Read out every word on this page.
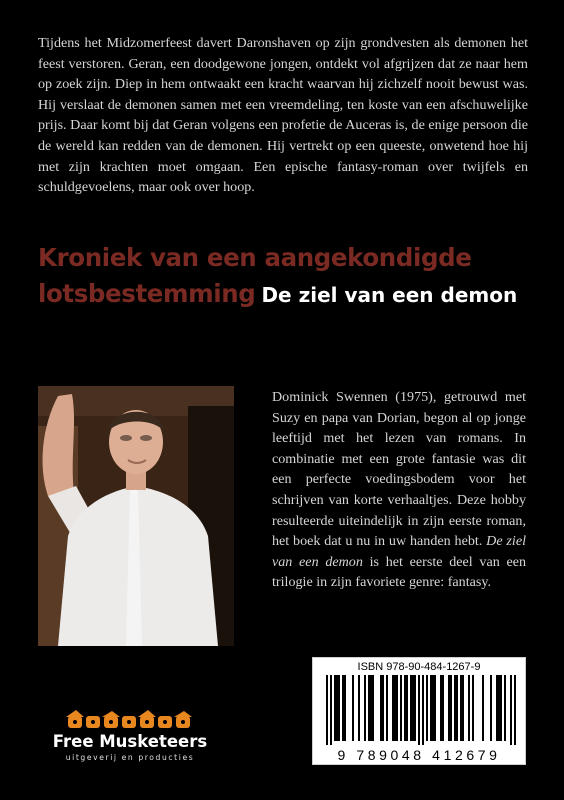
Tijdens het Midzomerfeest davert Daronshaven op zijn grondvesten als demonen het feest verstoren. Geran, een doodgewone jongen, ontdekt vol afgrijzen dat ze naar hem op zoek zijn. Diep in hem ontwaakt een kracht waarvan hij zichzelf nooit bewust was. Hij verslaat de demonen samen met een vreemdeling, ten koste van een afschuwelijke prijs. Daar komt bij dat Geran volgens een profetie de Auceras is, de enige persoon die de wereld kan redden van de demonen. Hij vertrekt op een queeste, onwetend hoe hij met zijn krachten moet omgaan. Een epische fantasy-roman over twijfels en schuldgevoelens, maar ook over hoop.

Kroniek van een aangekondigde lotsbestemming De ziel van een demon

Dominick Swennen (1975), getrouwd met Suzy en papa van Dorian, begon al op jonge leeftijd met het lezen van romans. In combinatie met een grote fantasie was dit een perfecte voedingsbodem voor het schrijven van korte verhaaltjes. Deze hobby resulteerde uiteindelijk in zijn eerste roman, het boek dat u nu in uw handen hebt. De ziel van een demon is het eerste deel van een trilogie in zijn favoriete genre: fantasy.

ISBN 978-90-484-1267-9
9 789048 412679

Free Musketeers

uitgeverij en producties
